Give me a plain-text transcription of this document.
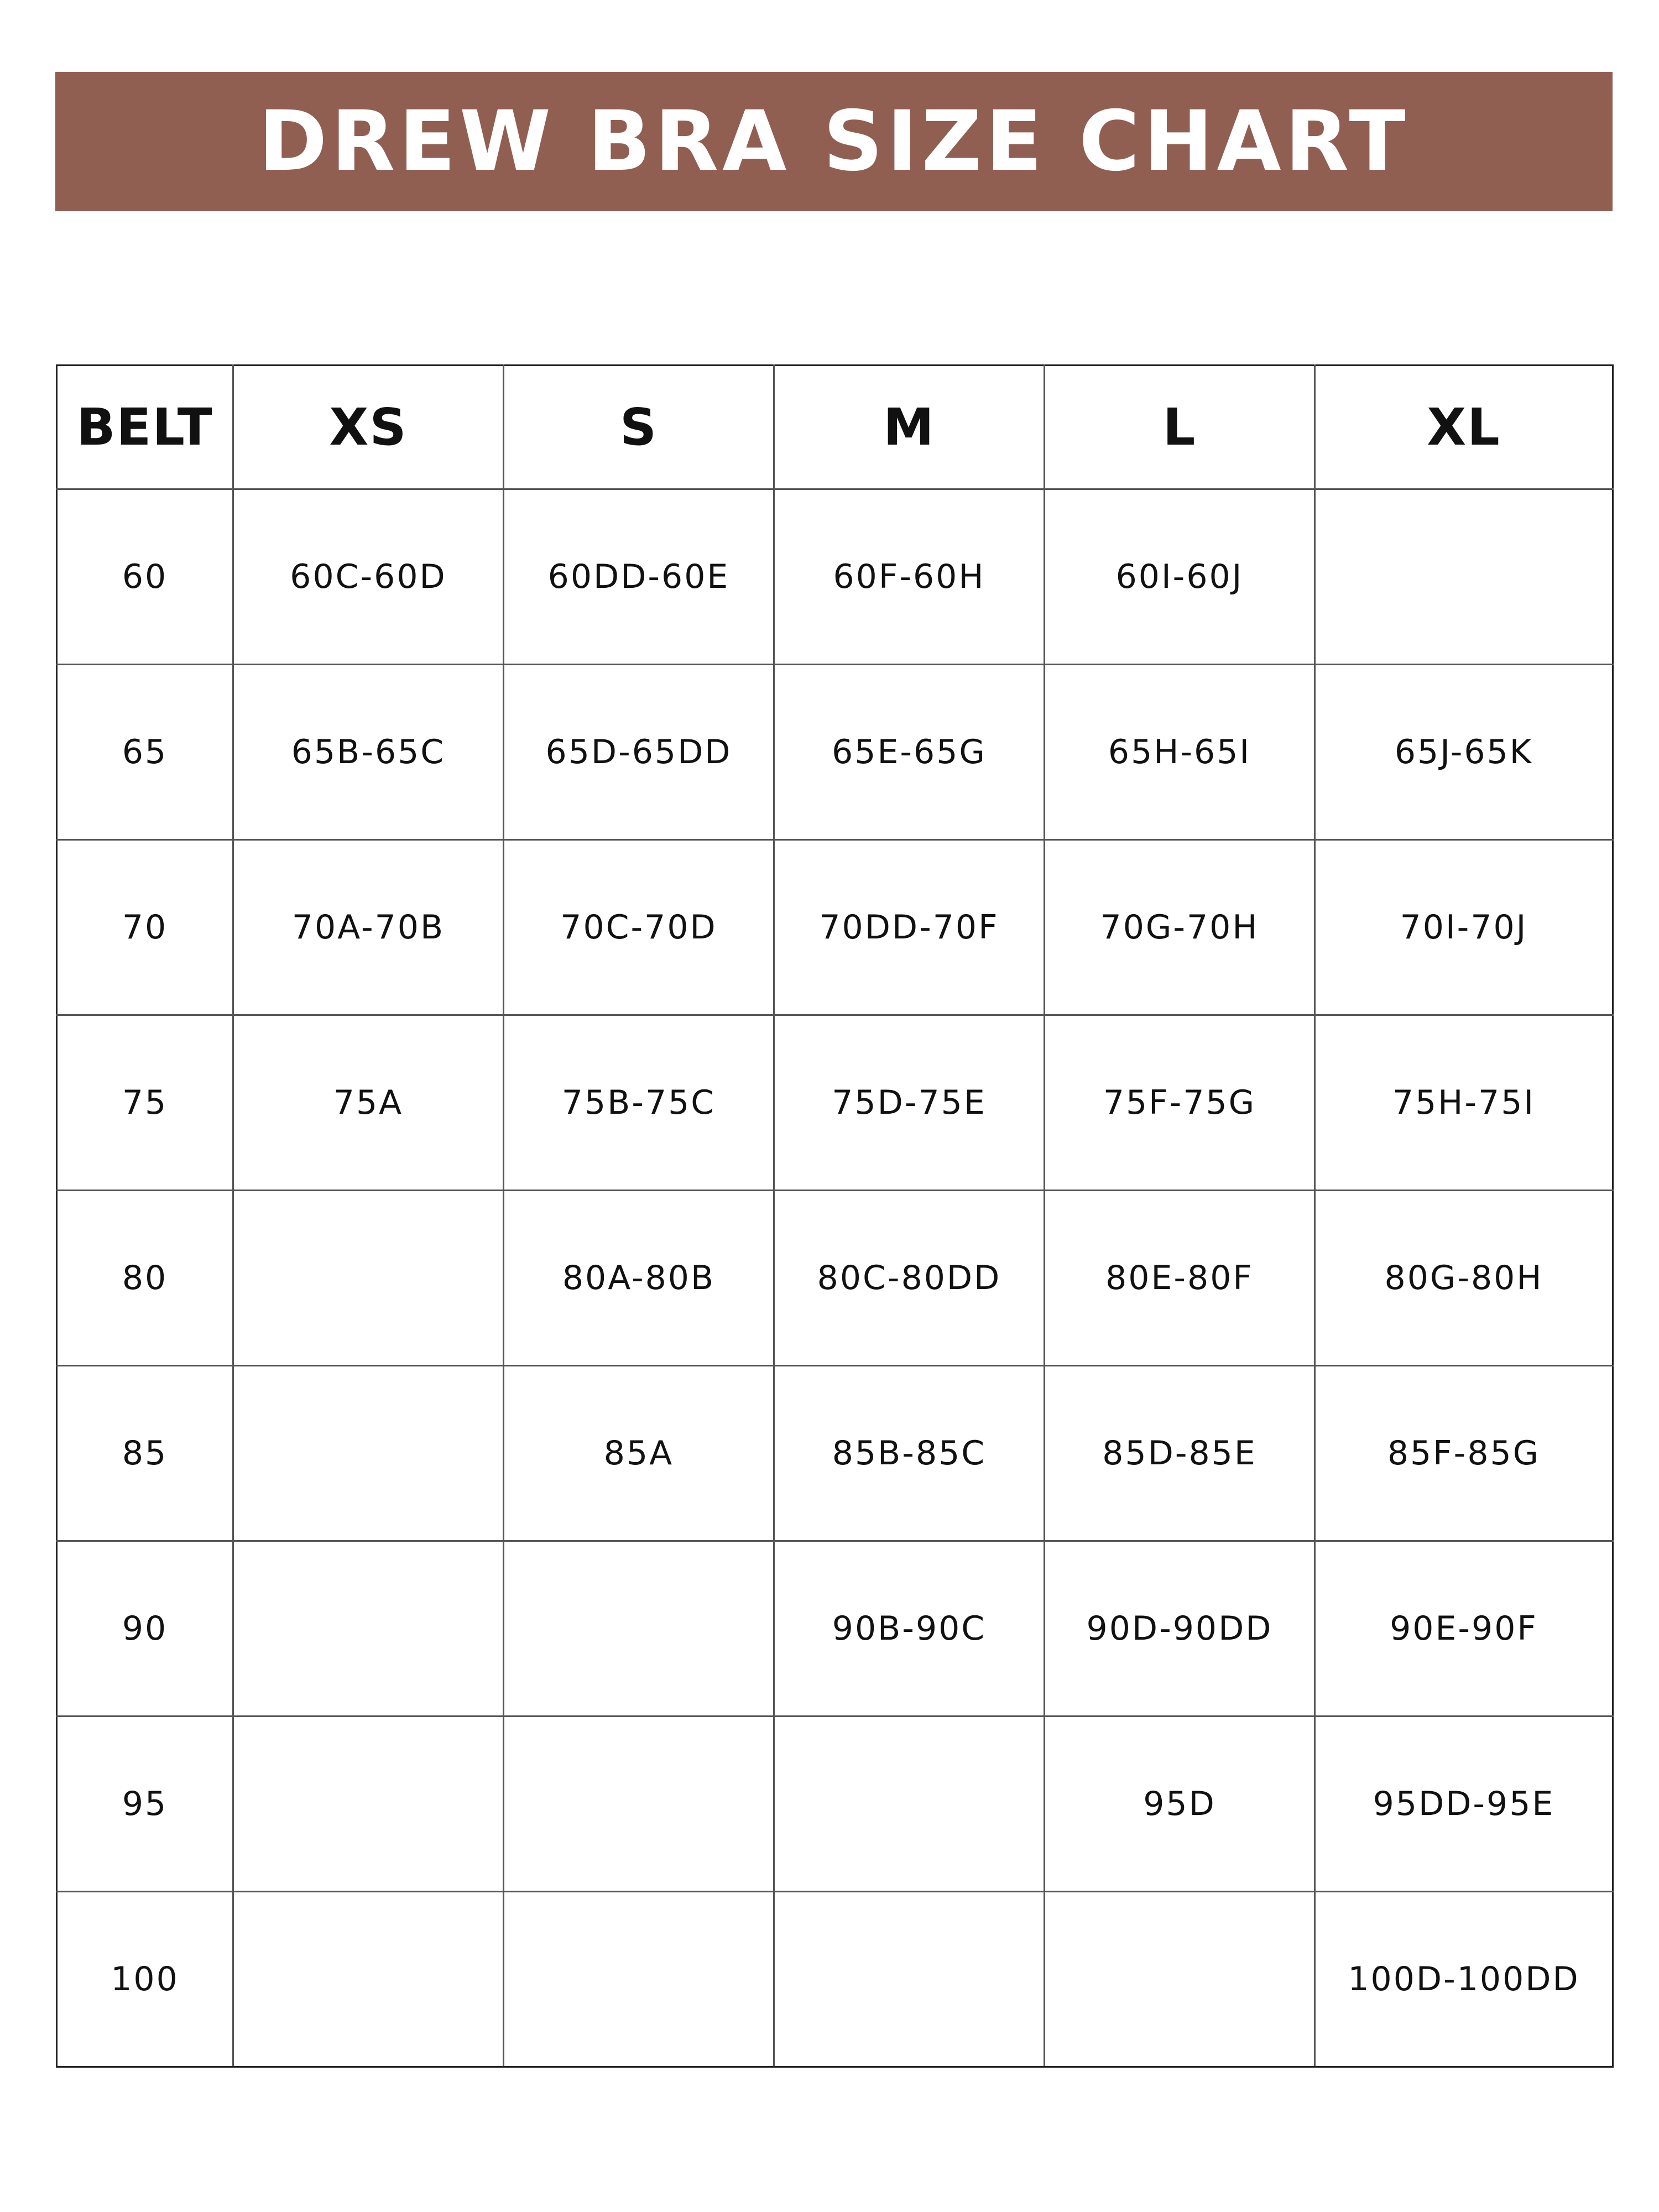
DREW BRA SIZE CHART
BELT	XS	S	M	L	XL
60	60C-60D	60DD-60E	60F-60H	60I-60J	
65	65B-65C	65D-65DD	65E-65G	65H-65I	65J-65K
70	70A-70B	70C-70D	70DD-70F	70G-70H	70I-70J
75	75A	75B-75C	75D-75E	75F-75G	75H-75I
80		80A-80B	80C-80DD	80E-80F	80G-80H
85		85A	85B-85C	85D-85E	85F-85G
90			90B-90C	90D-90DD	90E-90F
95				95D	95DD-95E
100					100D-100DD
